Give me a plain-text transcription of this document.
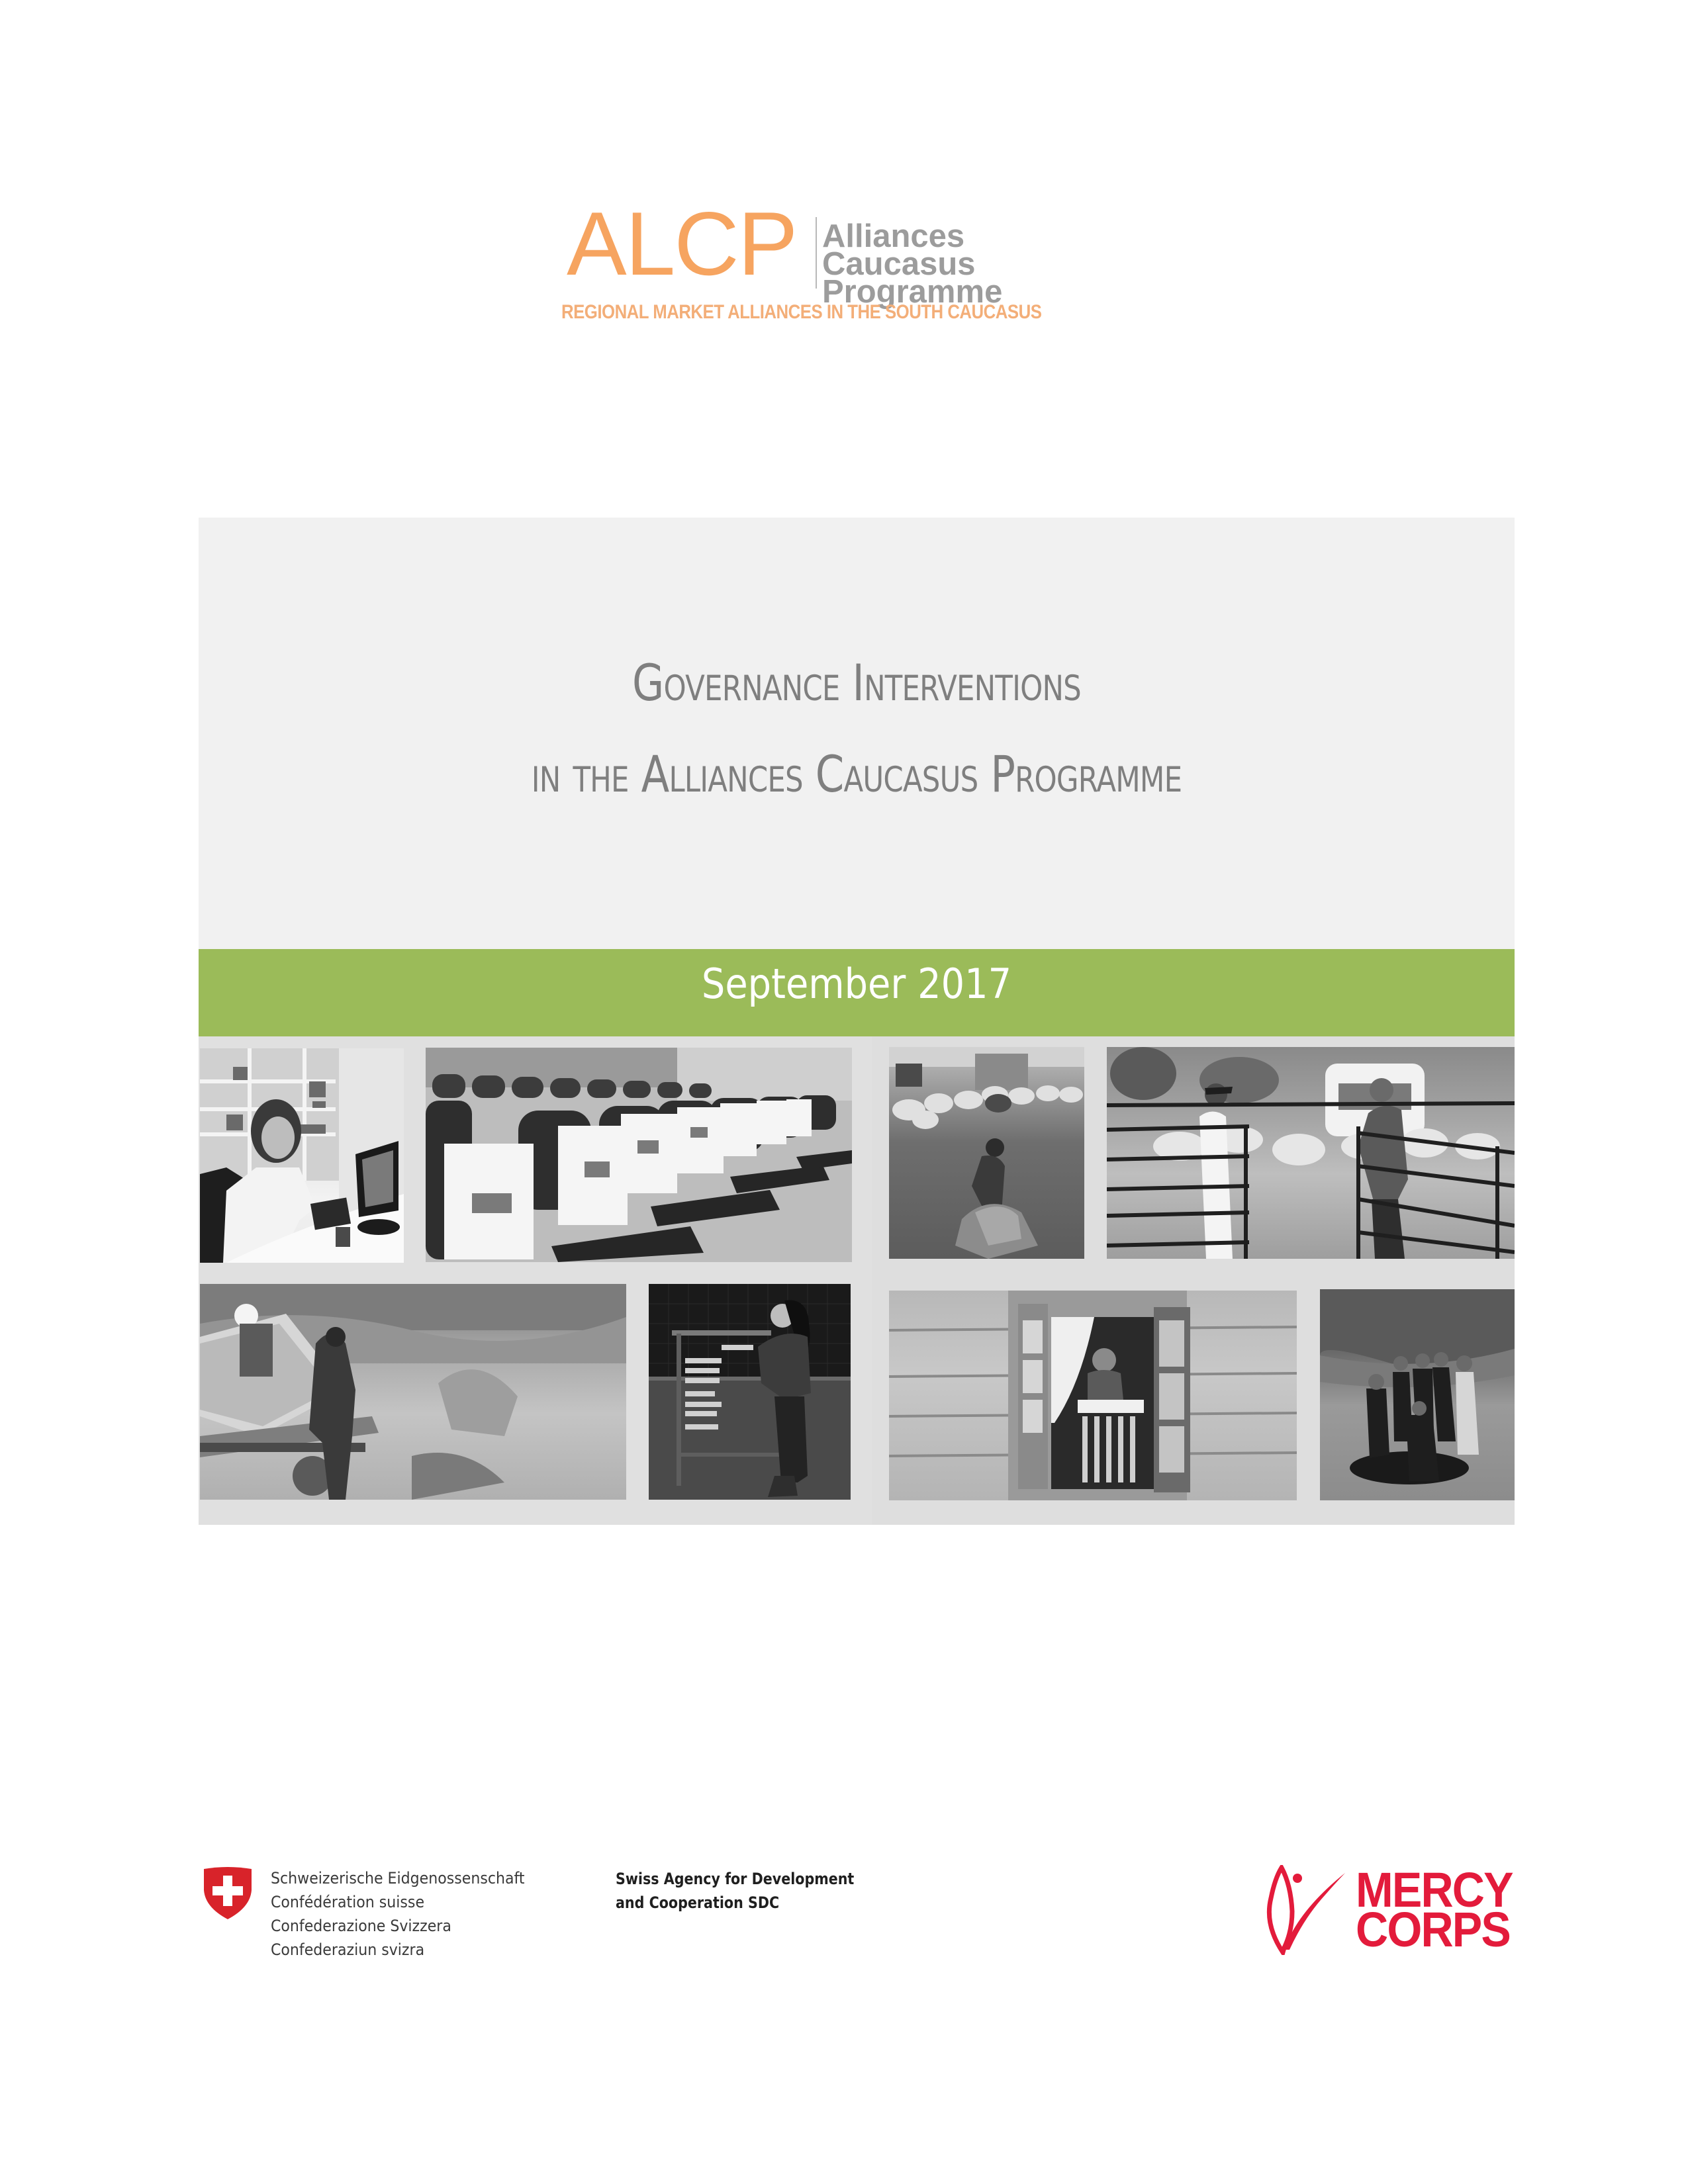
ALCP Alliances
Caucasus Programme
REGIONAL MARKET ALLIANCES IN THE SOUTH CAUCASUS
Governance Interventions
in the Alliances Caucasus Programme
September 2017
Schweizerische Eidgenossenschaft
Confédération suisse
Confederazione Svizzera
Confederaziun svizra
Swiss Agency for Development
and Cooperation SDC	MERCY
CORPS
